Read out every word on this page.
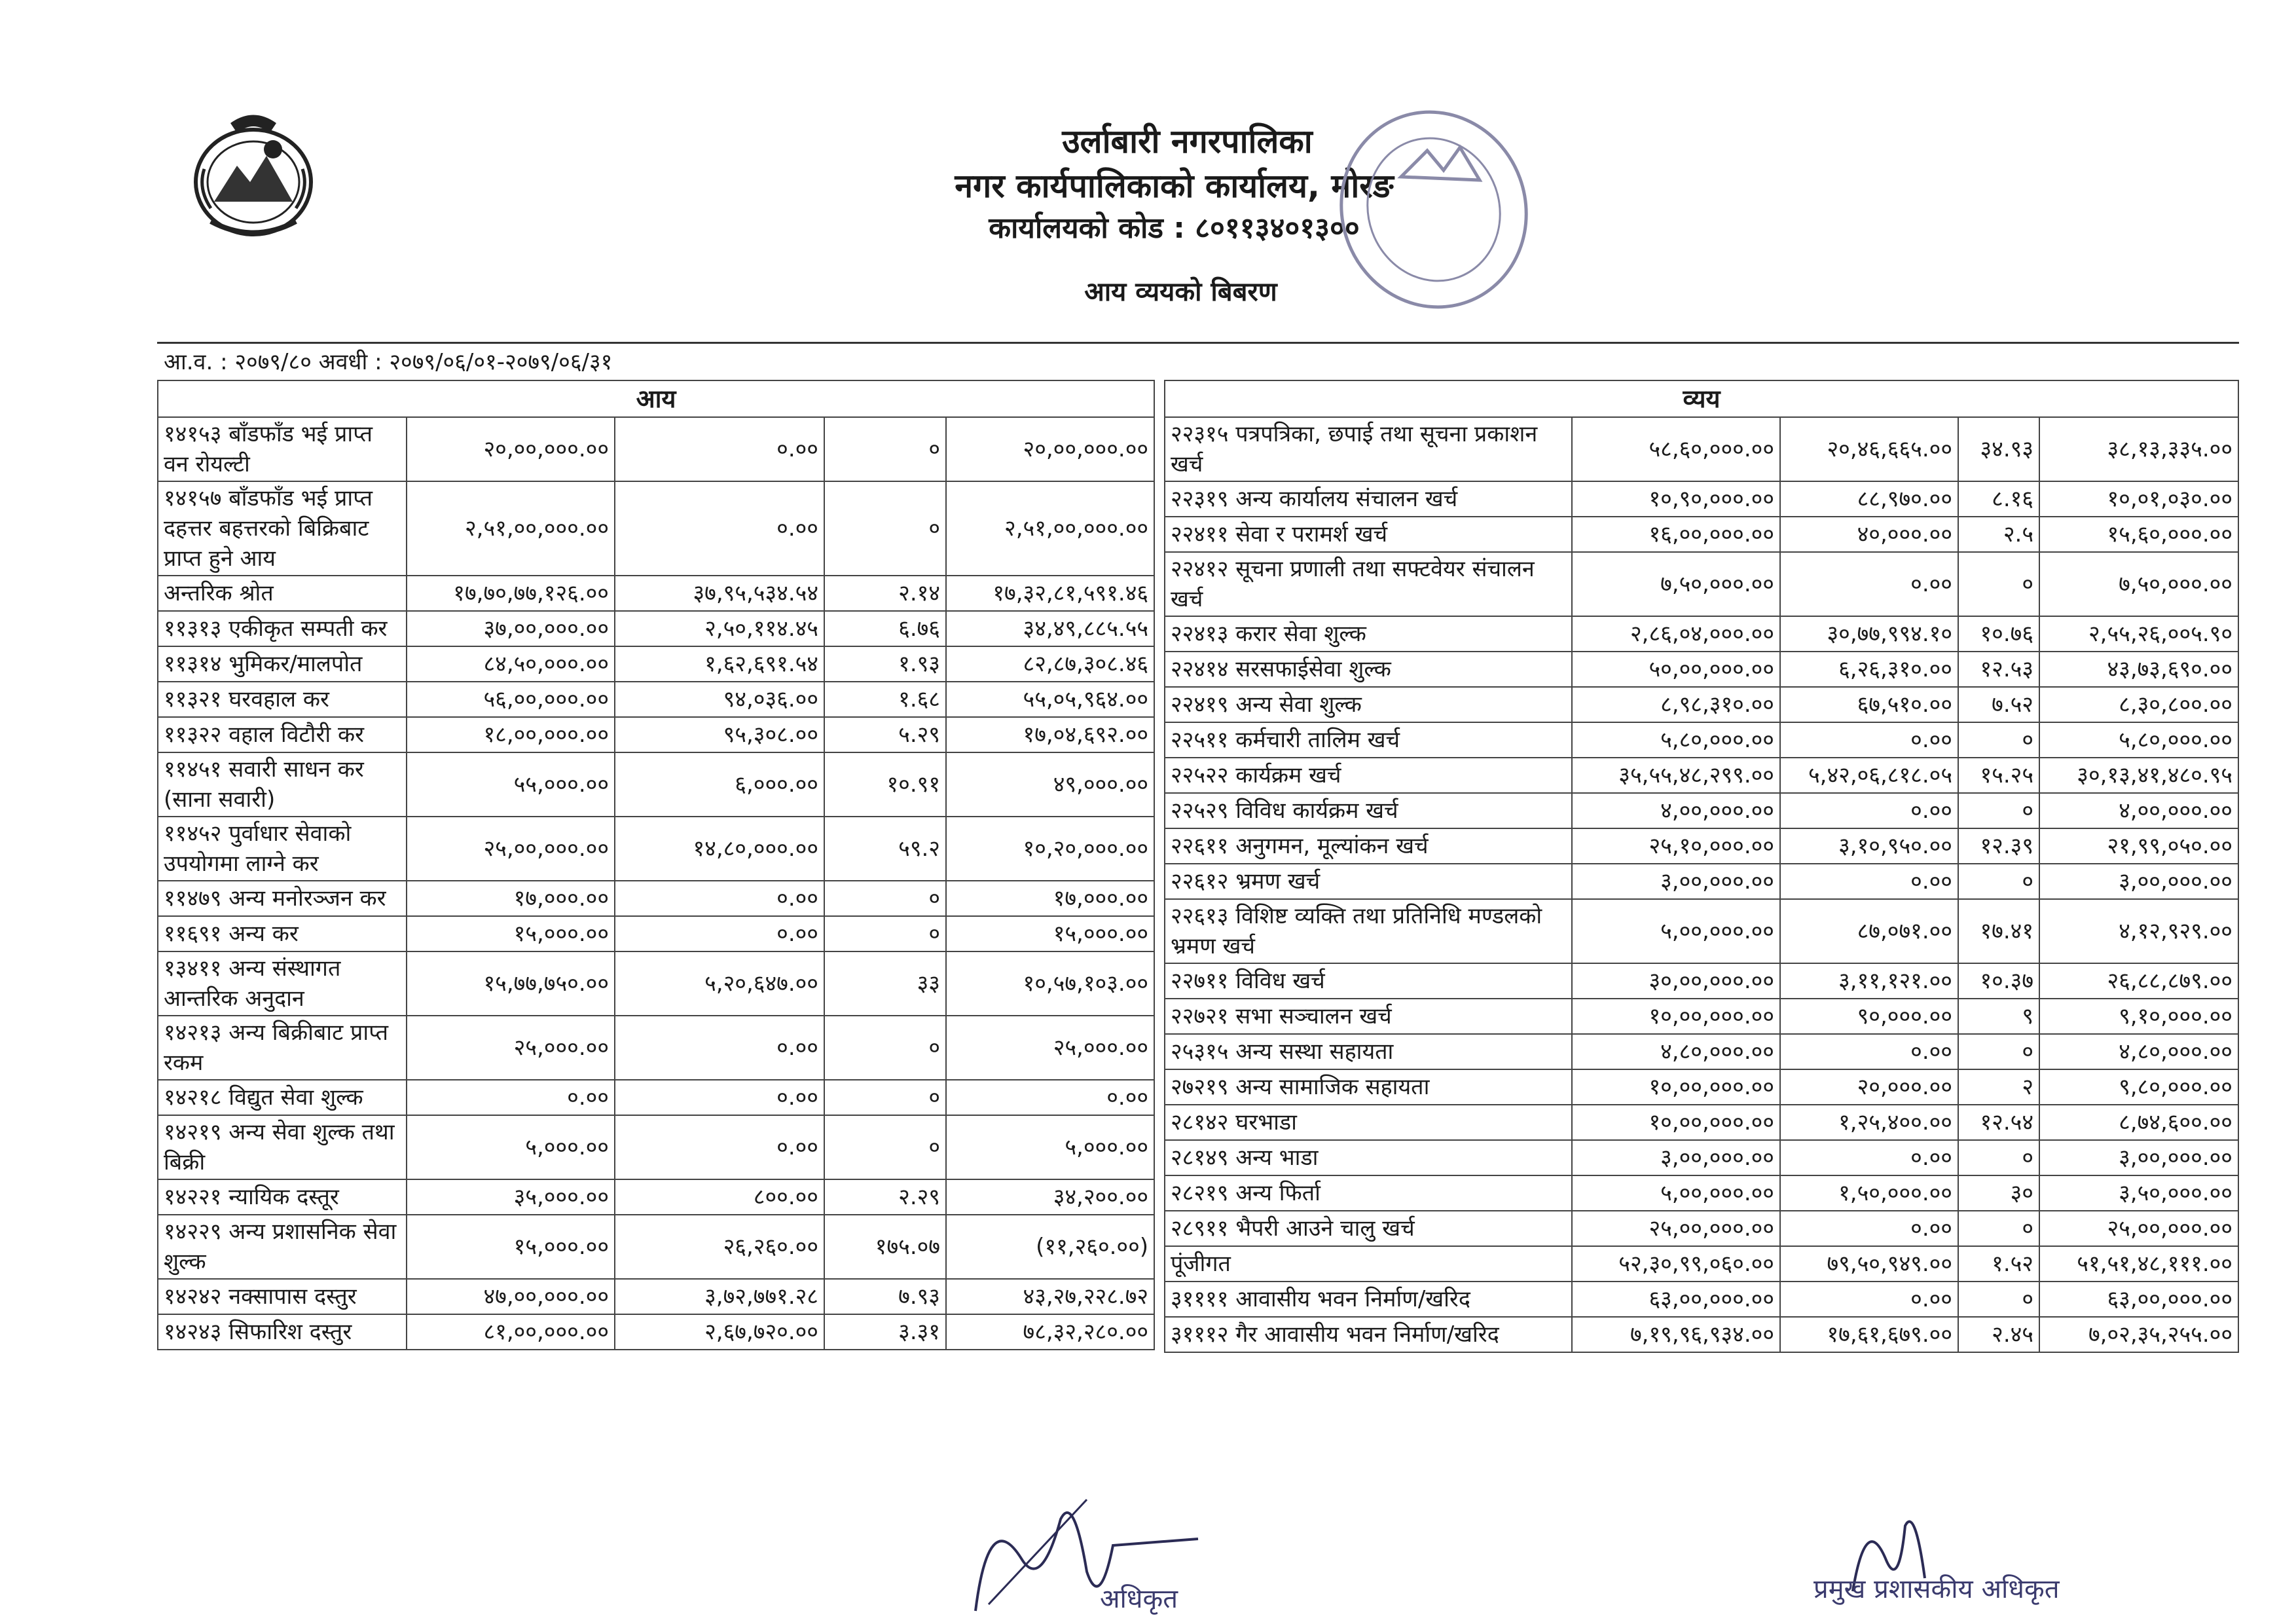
उर्लाबारी नगरपालिका
नगर कार्यपालिकाको कार्यालय, मोरङ
कार्यालयको कोड : ८०११३४०१३००
आय व्ययको बिबरण
आ.व. : २०७९/८० अवधी : २०७९/०६/०१-२०७९/०६/३१
आय				
१४१५३ बाँडफाँड भई प्राप्त वन रोयल्टी	२०,००,०००.००	०.००	०	२०,००,०००.००
१४१५७ बाँडफाँड भई प्राप्त दहत्तर बहत्तरको बिक्रिबाट प्राप्त हुने आय	२,५१,००,०००.००	०.००	०	२,५१,००,०००.००
अन्तरिक श्रोत	१७,७०,७७,१२६.००	३७,९५,५३४.५४	२.१४	१७,३२,८१,५९१.४६
११३१३ एकीकृत सम्पती कर	३७,००,०००.००	२,५०,११४.४५	६.७६	३४,४९,८८५.५५
११३१४ भुमिकर/मालपोत	८४,५०,०००.००	१,६२,६९१.५४	१.९३	८२,८७,३०८.४६
११३२१ घरवहाल कर	५६,००,०००.००	९४,०३६.००	१.६८	५५,०५,९६४.००
११३२२ वहाल विटौरी कर	१८,००,०००.००	९५,३०८.००	५.२९	१७,०४,६९२.००
११४५१ सवारी साधन कर (साना सवारी)	५५,०००.००	६,०००.००	१०.९१	४९,०००.००
११४५२ पुर्वाधार सेवाको उपयोगमा लाग्ने कर	२५,००,०००.००	१४,८०,०००.००	५९.२	१०,२०,०००.००
११४७९ अन्य मनोरञ्जन कर	१७,०००.००	०.००	०	१७,०००.००
११६९१ अन्य कर	१५,०००.००	०.००	०	१५,०००.००
१३४११ अन्य संस्थागत आन्तरिक अनुदान	१५,७७,७५०.००	५,२०,६४७.००	३३	१०,५७,१०३.००
१४२१३ अन्य बिक्रीबाट प्राप्त रकम	२५,०००.००	०.००	०	२५,०००.००
१४२१८ विद्युत सेवा शुल्क	०.००	०.००	०	०.००
१४२१९ अन्य सेवा शुल्क तथा बिक्री	५,०००.००	०.००	०	५,०००.००
१४२२१ न्यायिक दस्तूर	३५,०००.००	८००.००	२.२९	३४,२००.००
१४२२९ अन्य प्रशासनिक सेवा शुल्क	१५,०००.००	२६,२६०.००	१७५.०७	(११,२६०.००)
१४२४२ नक्सापास दस्तुर	४७,००,०००.००	३,७२,७७१.२८	७.९३	४३,२७,२२८.७२
१४२४३ सिफारिश दस्तुर	८१,००,०००.००	२,६७,७२०.००	३.३१	७८,३२,२८०.००
व्यय				
२२३१५ पत्रपत्रिका, छपाई तथा सूचना प्रकाशन खर्च	५८,६०,०००.००	२०,४६,६६५.००	३४.९३	३८,१३,३३५.००
२२३१९ अन्य कार्यालय संचालन खर्च	१०,९०,०००.००	८८,९७०.००	८.१६	१०,०१,०३०.००
२२४११ सेवा र परामर्श खर्च	१६,००,०००.००	४०,०००.००	२.५	१५,६०,०००.००
२२४१२ सूचना प्रणाली तथा सफ्टवेयर संचालन खर्च	७,५०,०००.००	०.००	०	७,५०,०००.००
२२४१३ करार सेवा शुल्क	२,८६,०४,०००.००	३०,७७,९९४.१०	१०.७६	२,५५,२६,००५.९०
२२४१४ सरसफाईसेवा शुल्क	५०,००,०००.००	६,२६,३१०.००	१२.५३	४३,७३,६९०.००
२२४१९ अन्य सेवा शुल्क	८,९८,३१०.००	६७,५१०.००	७.५२	८,३०,८००.००
२२५११ कर्मचारी तालिम खर्च	५,८०,०००.००	०.००	०	५,८०,०००.००
२२५२२ कार्यक्रम खर्च	३५,५५,४८,२९९.००	५,४२,०६,८१८.०५	१५.२५	३०,१३,४१,४८०.९५
२२५२९ विविध कार्यक्रम खर्च	४,००,०००.००	०.००	०	४,००,०००.००
२२६११ अनुगमन, मूल्यांकन खर्च	२५,१०,०००.००	३,१०,९५०.००	१२.३९	२१,९९,०५०.००
२२६१२ भ्रमण खर्च	३,००,०००.००	०.००	०	३,००,०००.००
२२६१३ विशिष्ट व्यक्ति तथा प्रतिनिधि मण्डलको भ्रमण खर्च	५,००,०००.००	८७,०७१.००	१७.४१	४,१२,९२९.००
२२७११ विविध खर्च	३०,००,०००.००	३,११,१२१.००	१०.३७	२६,८८,८७९.००
२२७२१ सभा सञ्चालन खर्च	१०,००,०००.००	९०,०००.००	९	९,१०,०००.००
२५३१५ अन्य सस्था सहायता	४,८०,०००.००	०.००	०	४,८०,०००.००
२७२१९ अन्य सामाजिक सहायता	१०,००,०००.००	२०,०००.००	२	९,८०,०००.००
२८१४२ घरभाडा	१०,००,०००.००	१,२५,४००.००	१२.५४	८,७४,६००.००
२८१४९ अन्य भाडा	३,००,०००.००	०.००	०	३,००,०००.००
२८२१९ अन्य फिर्ता	५,००,०००.००	१,५०,०००.००	३०	३,५०,०००.००
२८९११ भैपरी आउने चालु खर्च	२५,००,०००.००	०.००	०	२५,००,०००.००
पूंजीगत	५२,३०,९९,०६०.००	७९,५०,९४९.००	१.५२	५१,५१,४८,१११.००
३११११ आवासीय भवन निर्माण/खरिद	६३,००,०००.००	०.००	०	६३,००,०००.००
३१११२ गैर आवासीय भवन निर्माण/खरिद	७,१९,९६,९३४.००	१७,६१,६७९.००	२.४५	७,०२,३५,२५५.००
अधिकृत	प्रमुख प्रशासकीय अधिकृत
